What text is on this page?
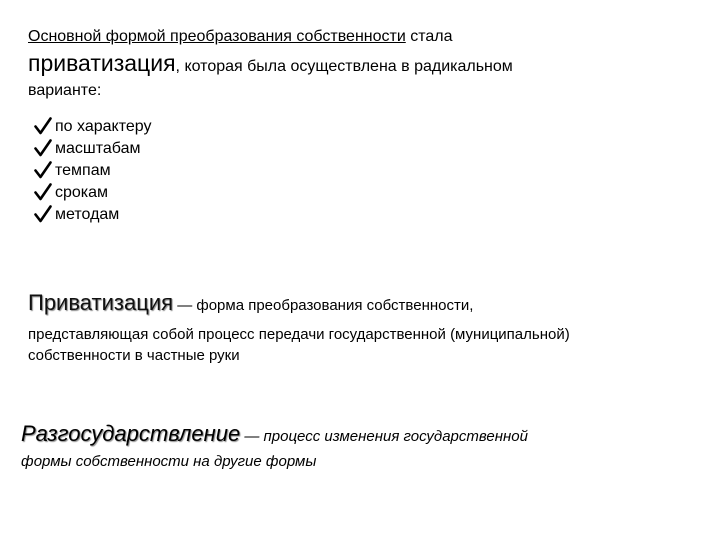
Основной формой преобразования собственности стала
приватизация, которая была осуществлена в радикальном
варианте:
по характеру
масштабам
темпам
срокам
методам
Приватизация — форма преобразования собственности,
представляющая собой процесс передачи государственной (муниципальной)
собственности в частные руки
Разгосударствление — процесс изменения государственной
формы собственности на другие формы
